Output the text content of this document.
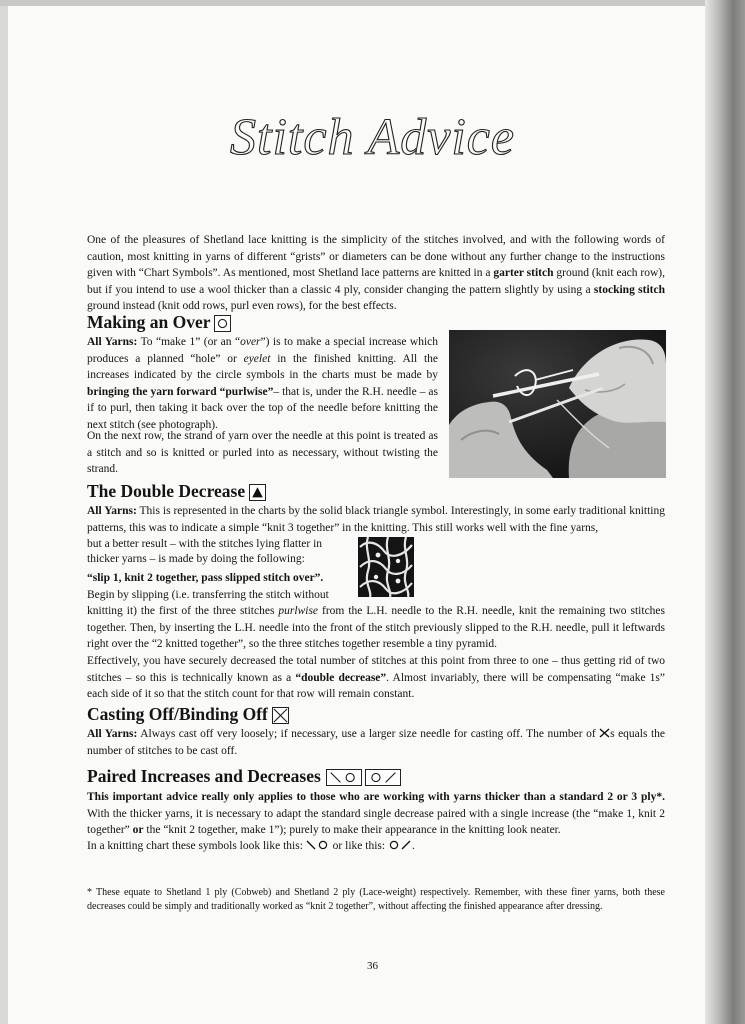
Stitch Advice

One of the pleasures of Shetland lace knitting is the simplicity of the stitches involved, and with the following words of caution, most knitting in yarns of different “grists” or diameters can be done without any further change to the instructions given with “Chart Symbols”. As mentioned, most Shetland lace patterns are knitted in a garter stitch ground (knit each row), but if you intend to use a wool thicker than a classic 4 ply, consider changing the pattern slightly by using a stocking stitch ground instead (knit odd rows, purl even rows), for the best effects.

Making an Over

All Yarns: To “make 1” (or an “over”) is to make a special increase which produces a planned “hole” or eyelet in the finished knitting. All the increases indicated by the circle symbols in the charts must be made by bringing the yarn forward “purlwise”– that is, under the R.H. needle – as if to purl, then taking it back over the top of the needle before knitting the next stitch (see photograph).

On the next row, the strand of yarn over the needle at this point is treated as a stitch and so is knitted or purled into as necessary, without twisting the strand.

The Double Decrease

All Yarns: This is represented in the charts by the solid black triangle symbol. Interestingly, in some early traditional knitting patterns, this was to indicate a simple “knit 3 together” in the knitting. This still works well with the fine yarns,

but a better result – with the stitches lying flatter in

thicker yarns – is made by doing the following:

“slip 1, knit 2 together, pass slipped stitch over”.

Begin by slipping (i.e. transferring the stitch without

knitting it) the first of the three stitches purlwise from the L.H. needle to the R.H. needle, knit the remaining two stitches together. Then, by inserting the L.H. needle into the front of the stitch previously slipped to the R.H. needle, pull it leftwards right over the “2 knitted together”, so the three stitches together resemble a tiny pyramid.

Effectively, you have securely decreased the total number of stitches at this point from three to one – thus getting rid of two stitches – so this is technically known as a “double decrease”. Almost invariably, there will be compensating “make 1s” each side of it so that the stitch count for that row will remain constant.

Casting Off/Binding Off

All Yarns: Always cast off very loosely; if necessary, use a larger size needle for casting off. The number of s equals the number of stitches to be cast off.

Paired Increases and Decreases

This important advice really only applies to those who are working with yarns thicker than a standard 2 or 3 ply*. With the thicker yarns, it is necessary to adapt the standard single decrease paired with a single increase (the “make 1, knit 2 together” or the “knit 2 together, make 1”); purely to make their appearance in the knitting look neater.

In a knitting chart these symbols look like this:  or like this: .

* These equate to Shetland 1 ply (Cobweb) and Shetland 2 ply (Lace-weight) respectively. Remember, with these finer yarns, both these decreases could be simply and traditionally worked as “knit 2 together”, without affecting the finished appearance after dressing.

36
